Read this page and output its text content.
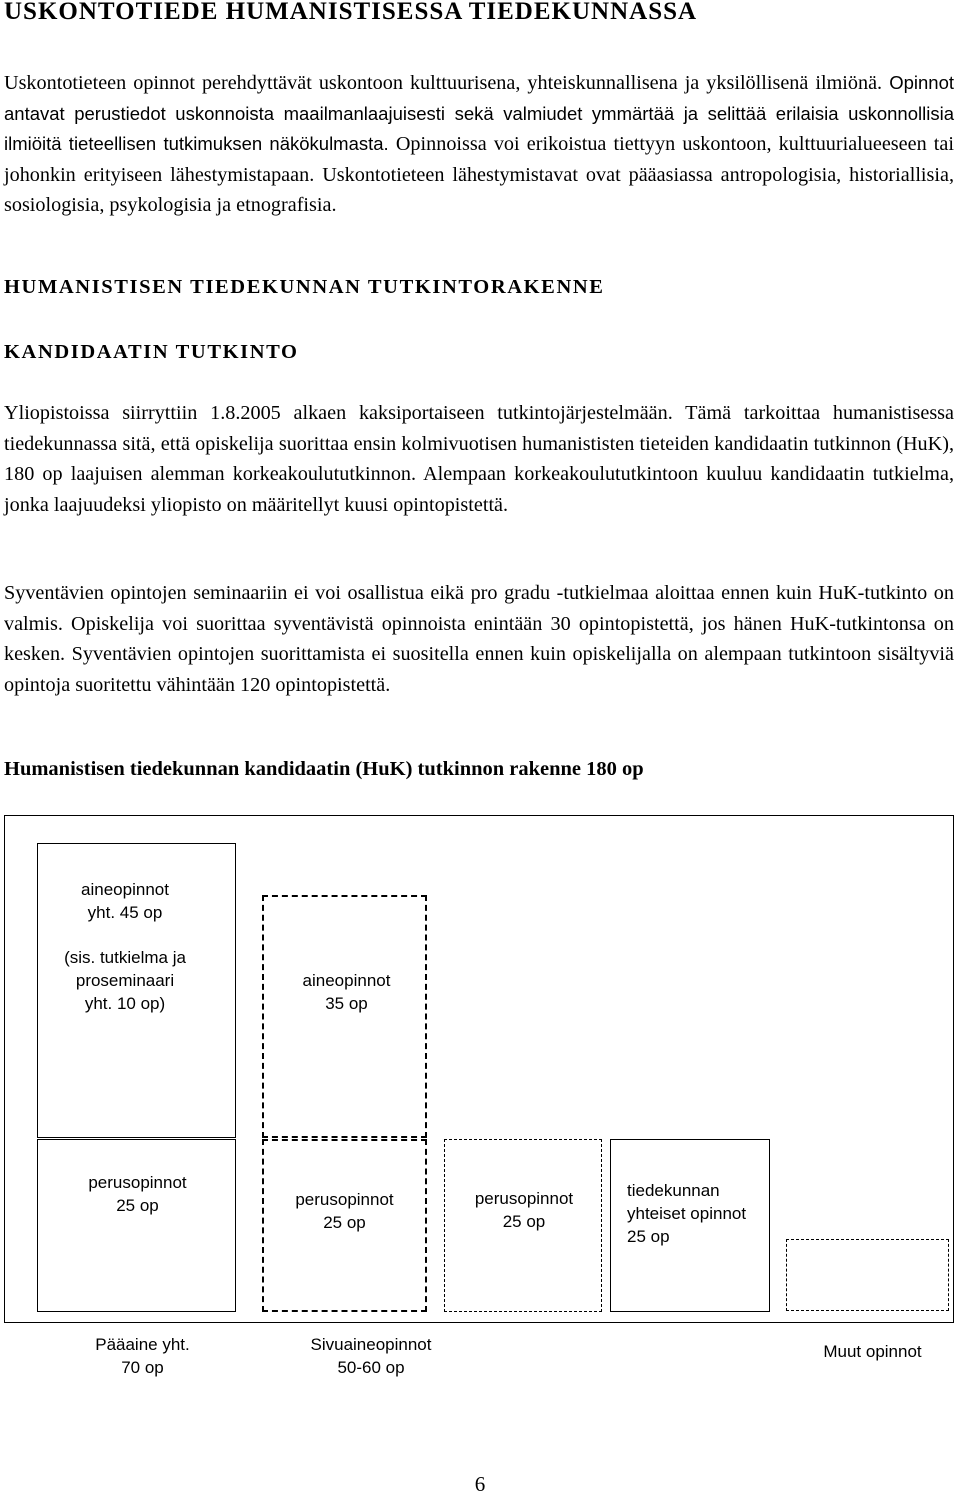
USKONTOTIEDE HUMANISTISESSA TIEDEKUNNASSA

Uskontotieteen opinnot perehdyttävät uskontoon kulttuurisena, yhteiskunnallisena ja yksilöllisenä ilmiönä. Opinnot antavat perustiedot uskonnoista maailmanlaajuisesti sekä valmiudet ymmärtää ja selittää erilaisia uskonnollisia ilmiöitä tieteellisen tutkimuksen näkökulmasta. Opinnoissa voi erikoistua tiettyyn uskontoon, kulttuurialueeseen tai johonkin erityiseen lähestymistapaan. Uskontotieteen lähestymistavat ovat pääasiassa antropologisia, historiallisia, sosiologisia, psykologisia ja etnografisia.

HUMANISTISEN TIEDEKUNNAN TUTKINTORAKENNE
KANDIDAATIN TUTKINTO

Yliopistoissa siirryttiin 1.8.2005 alkaen kaksiportaiseen tutkintojärjestelmään. Tämä tarkoittaa humanistisessa tiedekunnassa sitä, että opiskelija suorittaa ensin kolmivuotisen humanististen tieteiden kandidaatin tutkinnon (HuK), 180 op laajuisen alemman korkeakoulututkinnon. Alempaan korkeakoulututkintoon kuuluu kandidaatin tutkielma, jonka laajuudeksi yliopisto on määritellyt kuusi opintopistettä.

Syventävien opintojen seminaariin ei voi osallistua eikä pro gradu -tutkielmaa aloittaa ennen kuin HuK-tutkinto on valmis. Opiskelija voi suorittaa syventävistä opinnoista enintään 30 opintopistettä, jos hänen HuK-tutkintonsa on kesken. Syventävien opintojen suorittamista ei suositella ennen kuin opiskelijalla on alempaan tutkintoon sisältyviä opintoja suoritettu vähintään 120 opintopistettä.

Humanistisen tiedekunnan kandidaatin (HuK) tutkinnon rakenne 180 op
aineopinnot
yht. 45 op
(sis. tutkielma ja
proseminaari
yht. 10 op)
aineopinnot
35 op
perusopinnot
25 op	perusopinnot
25 op
perusopinnot
25 op
tiedekunnan
yhteiset opinnot
25 op
Pääaine yht.
70 op
Sivuaineopinnot
50-60 op
Muut opinnot
6
